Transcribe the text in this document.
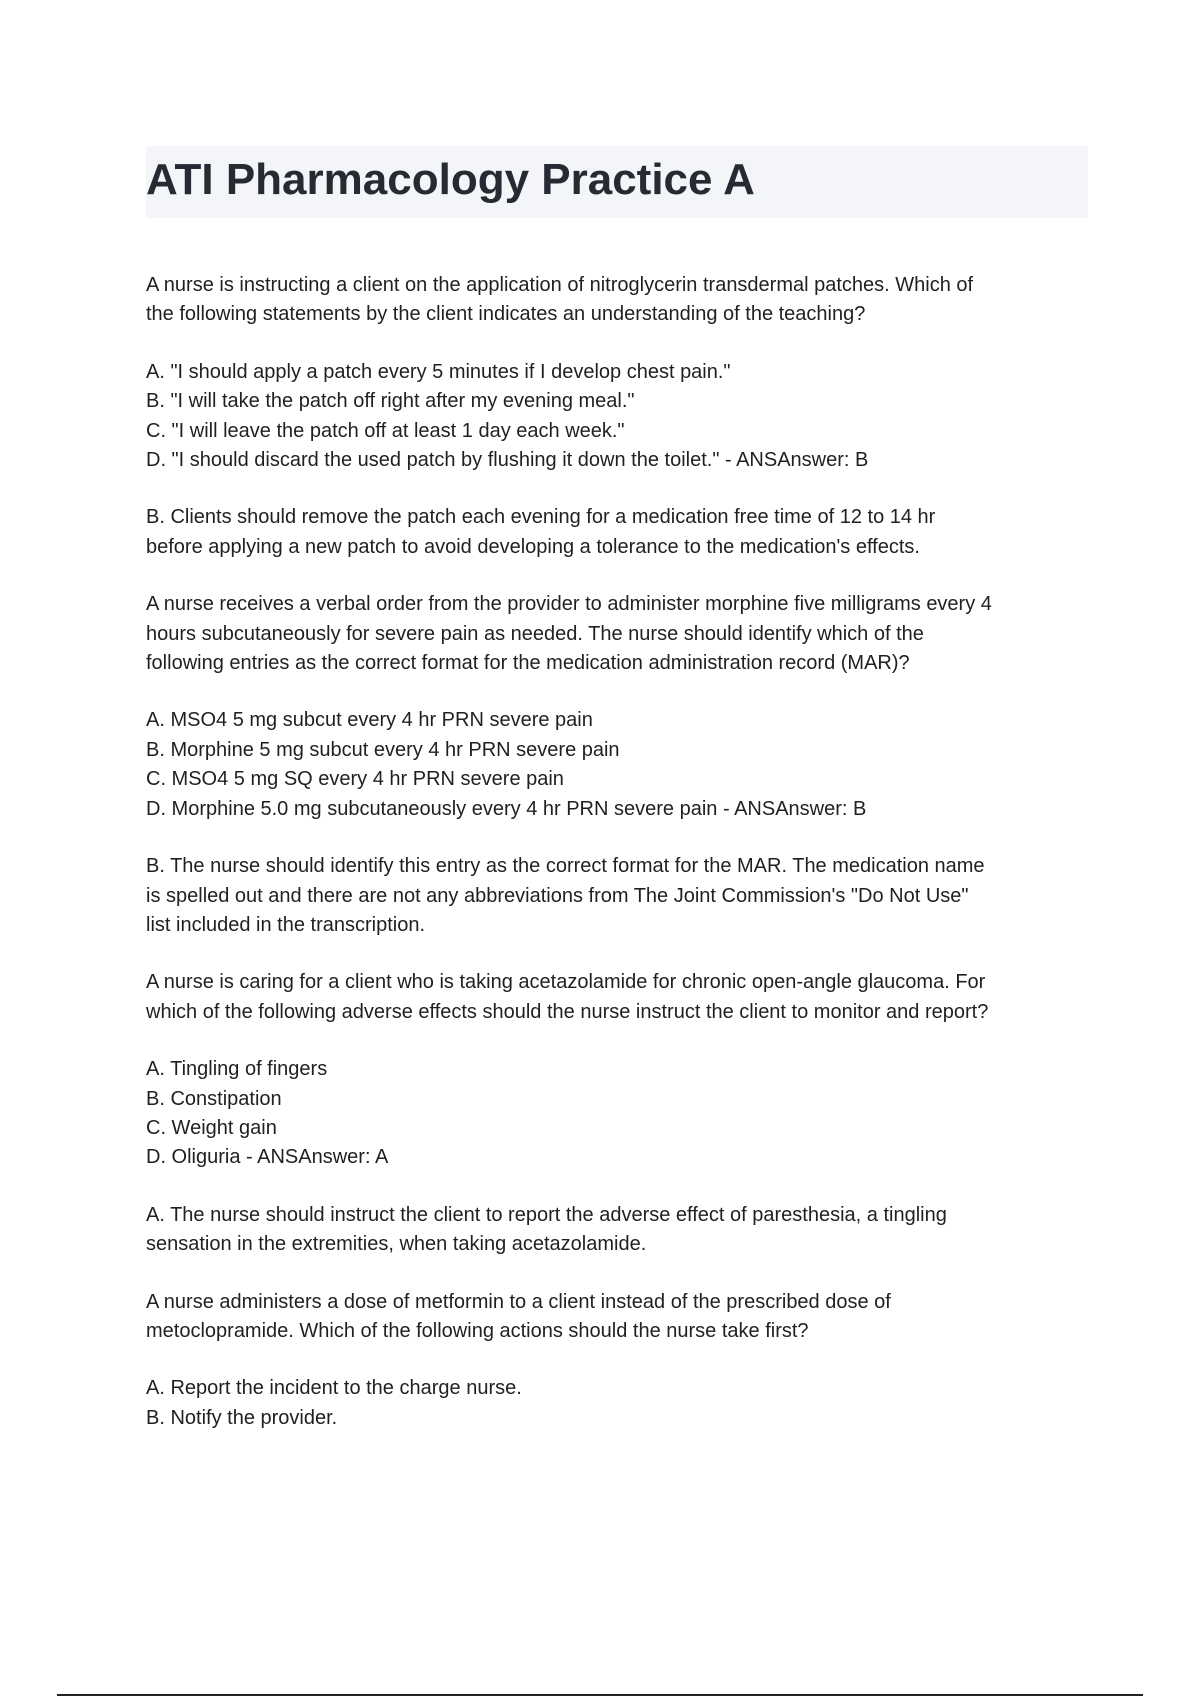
ATI Pharmacology Practice A

A nurse is instructing a client on the application of nitroglycerin transdermal patches. Which of
the following statements by the client indicates an understanding of the teaching?

A. "I should apply a patch every 5 minutes if I develop chest pain."
B. "I will take the patch off right after my evening meal."
C. "I will leave the patch off at least 1 day each week."
D. "I should discard the used patch by flushing it down the toilet." - ANSAnswer: B

B. Clients should remove the patch each evening for a medication free time of 12 to 14 hr
before applying a new patch to avoid developing a tolerance to the medication's effects.

A nurse receives a verbal order from the provider to administer morphine five milligrams every 4
hours subcutaneously for severe pain as needed. The nurse should identify which of the
following entries as the correct format for the medication administration record (MAR)?

A. MSO4 5 mg subcut every 4 hr PRN severe pain
B. Morphine 5 mg subcut every 4 hr PRN severe pain
C. MSO4 5 mg SQ every 4 hr PRN severe pain
D. Morphine 5.0 mg subcutaneously every 4 hr PRN severe pain - ANSAnswer: B

B. The nurse should identify this entry as the correct format for the MAR. The medication name
is spelled out and there are not any abbreviations from The Joint Commission's "Do Not Use"
list included in the transcription.

A nurse is caring for a client who is taking acetazolamide for chronic open-angle glaucoma. For
which of the following adverse effects should the nurse instruct the client to monitor and report?

A. Tingling of fingers
B. Constipation
C. Weight gain
D. Oliguria - ANSAnswer: A

A. The nurse should instruct the client to report the adverse effect of paresthesia, a tingling
sensation in the extremities, when taking acetazolamide.

A nurse administers a dose of metformin to a client instead of the prescribed dose of
metoclopramide. Which of the following actions should the nurse take first?

A. Report the incident to the charge nurse.
B. Notify the provider.
